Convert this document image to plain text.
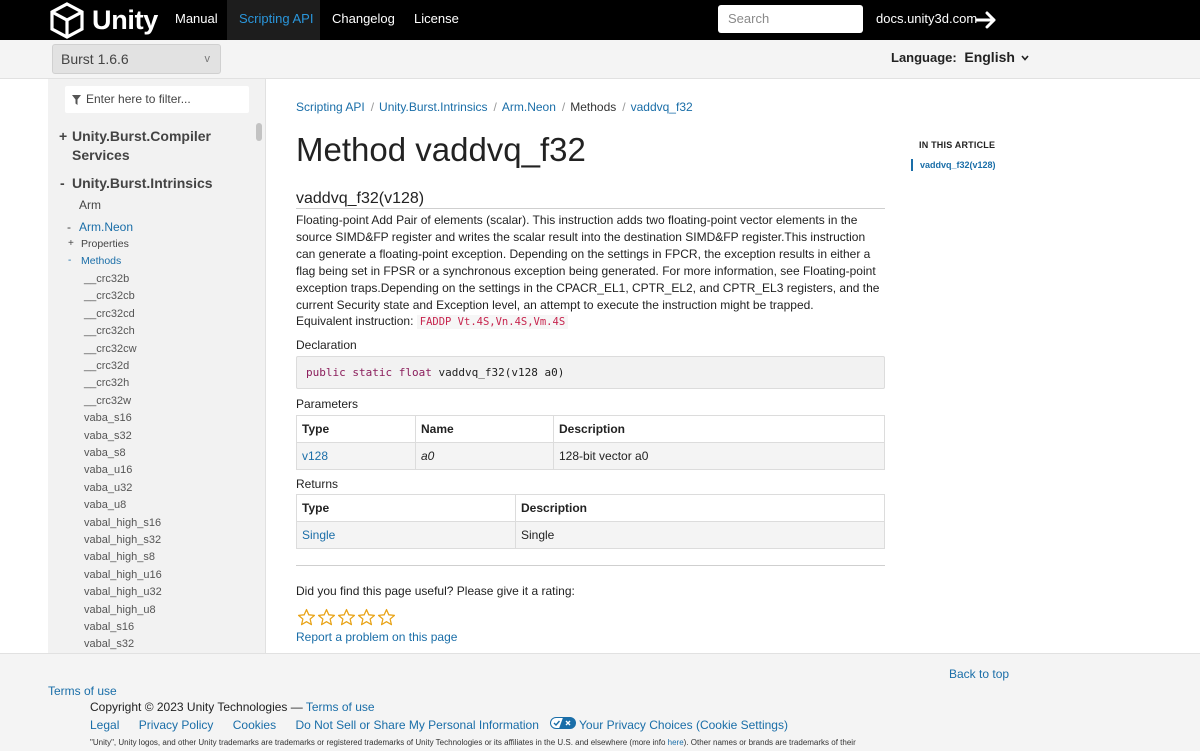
Unity Manual	Scripting API	Changelog License
Search	docs.unity3d.com
Burst 1.6.6	v	Language: English
Enter here to filter...
+ Unity.Burst.Compiler
Services
- Unity.Burst.Intrinsics
Arm
- Arm.Neon
+ Properties
- Methods
__crc32b
__crc32cb
__crc32cd
__crc32ch
__crc32cw
__crc32d
__crc32h
__crc32w
vaba_s16
vaba_s32
vaba_s8
vaba_u16
vaba_u32
vaba_u8
vabal_high_s16
vabal_high_s32
vabal_high_s8
vabal_high_u16
vabal_high_u32
vabal_high_u8
vabal_s16
vabal_s32
Scripting API / Unity.Burst.Intrinsics / Arm.Neon / Methods / vaddvq_f32
Method vaddvq_f32
vaddvq_f32(v128)
Floating-point Add Pair of elements (scalar). This instruction adds two floating-point vector elements in the source SIMD&FP register and writes the scalar result into the destination SIMD&FP register.This instruction can generate a floating-point exception. Depending on the settings in FPCR, the exception results in either a flag being set in FPSR or a synchronous exception being generated. For more information, see Floating-point exception traps.Depending on the settings in the CPACR_EL1, CPTR_EL2, and CPTR_EL3 registers, and the current Security state and Exception level, an attempt to execute the instruction might be trapped.
Equivalent instruction: FADDP Vt.4S,Vn.4S,Vm.4S
Declaration
public static float vaddvq_f32(v128 a0)
Parameters
Type	Name	Description
v128	a0	128-bit vector a0
Returns
Type	Description
Single	Single
Did you find this page useful? Please give it a rating:
Report a problem on this page
IN THIS ARTICLE
vaddvq_f32(v128)
Back to top
Terms of use
Copyright © 2023 Unity Technologies — Terms of use
Legal Privacy Policy Cookies Do Not Sell or Share My Personal Information	Your Privacy Choices (Cookie Settings)
"Unity", Unity logos, and other Unity trademarks are trademarks or registered trademarks of Unity Technologies or its affiliates in the U.S. and elsewhere (more info here). Other names or brands are trademarks of their
